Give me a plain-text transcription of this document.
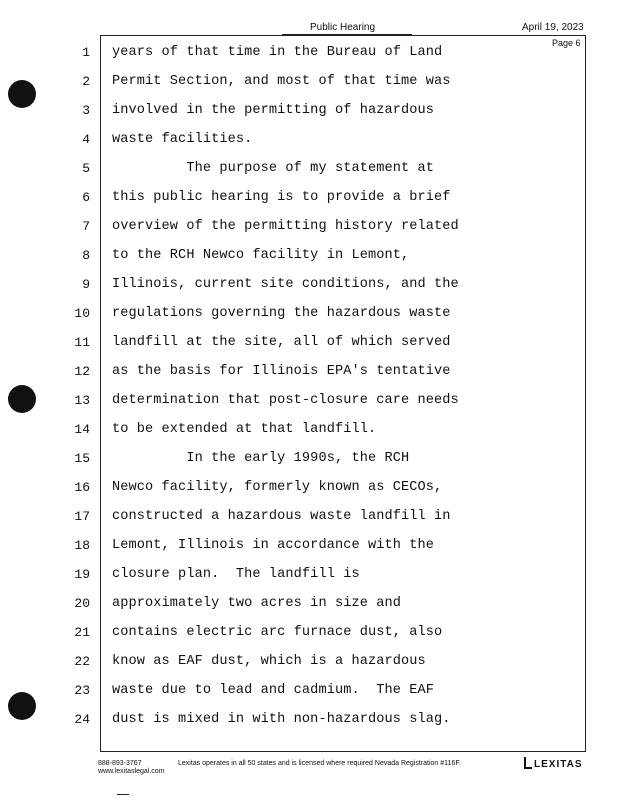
Public Hearing	April 19, 2023
Page 6
1 years of that time in the Bureau of Land
2 Permit Section, and most of that time was
3 involved in the permitting of hazardous
4 waste facilities.
5 The purpose of my statement at
6 this public hearing is to provide a brief
7 overview of the permitting history related
8 to the RCH Newco facility in Lemont,
9 Illinois, current site conditions, and the
10 regulations governing the hazardous waste
11 landfill at the site, all of which served
12 as the basis for Illinois EPA's tentative
13 determination that post-closure care needs
14 to be extended at that landfill.
15 In the early 1990s, the RCH
16 Newco facility, formerly known as CECOs,
17 constructed a hazardous waste landfill in
18 Lemont, Illinois in accordance with the
19 closure plan.  The landfill is
20 approximately two acres in size and
21 contains electric arc furnace dust, also
22 know as EAF dust, which is a hazardous
23 waste due to lead and cadmium.  The EAF
24 dust is mixed in with non-hazardous slag.
888-893-3767
www.lexitaslegal.com
Lexitas operates in all 50 states and is licensed where required Nevada Registration #116F.	LEXITAS
